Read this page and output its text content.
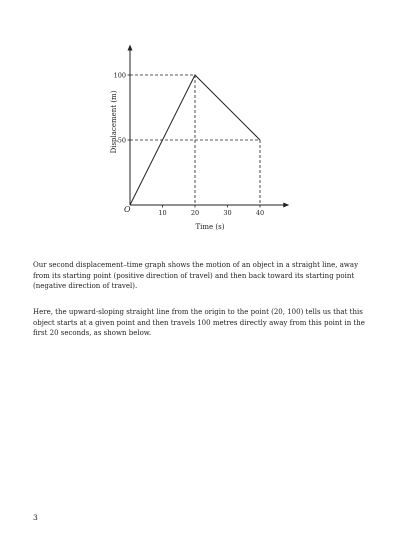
10	20	30	40
50
100
O
Time (s)
Displacement (m)

Our second displacement–time graph shows the motion of an object in a straight line, away from its starting point (positive direction of travel) and then back toward its starting point (negative direction of travel).

Here, the upward-sloping straight line from the origin to the point (20, 100) tells us that this object starts at a given point and then travels 100 metres directly away from this point in the first 20 seconds, as shown below.

3
